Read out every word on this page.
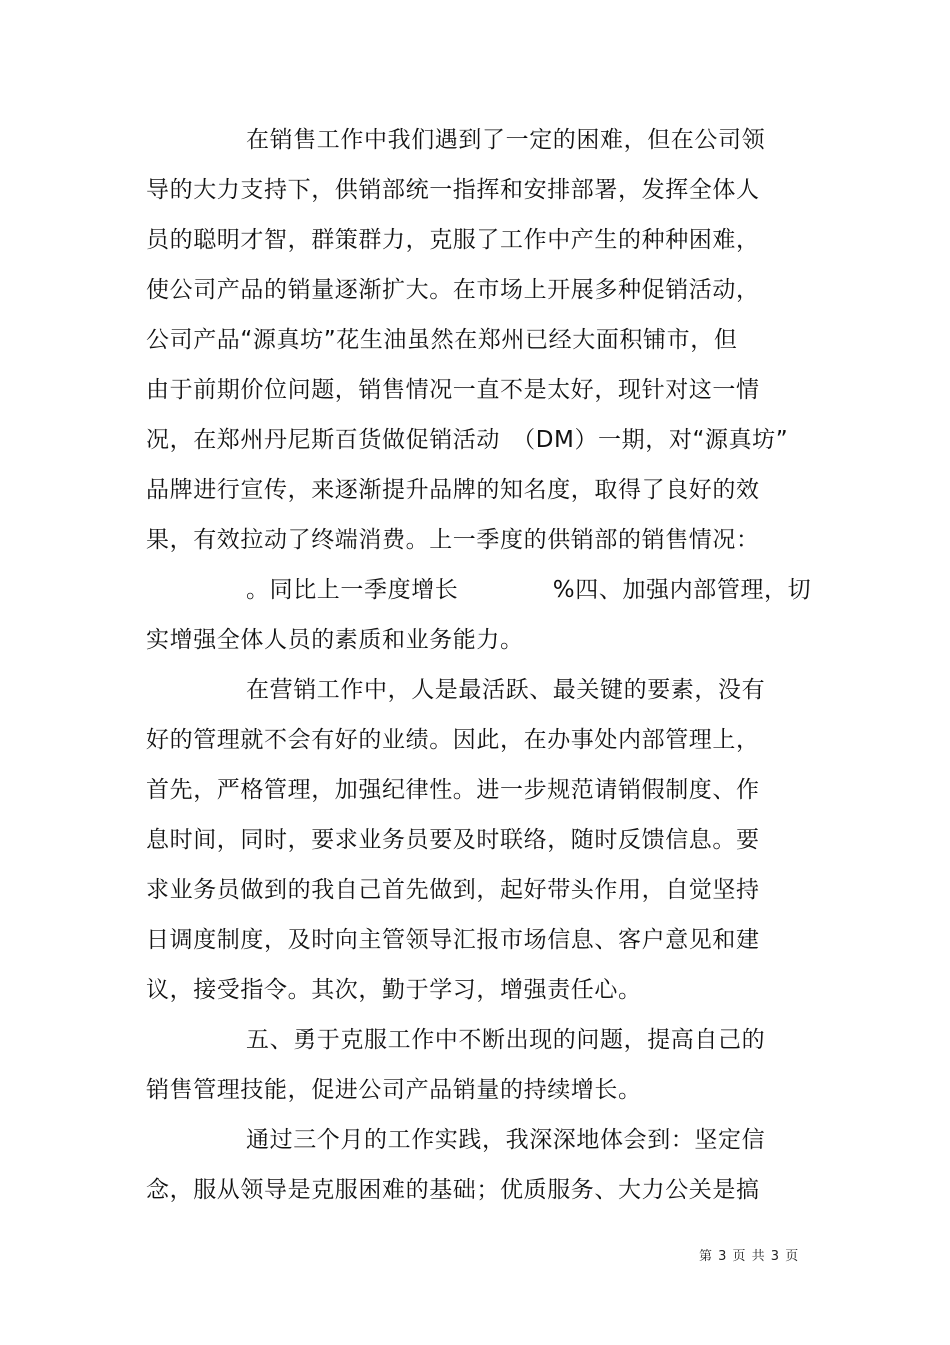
在销售工作中我们遇到了一定的困难，但在公司领
导的大力支持下，供销部统一指挥和安排部署，发挥全体人
员的聪明才智，群策群力，克服了工作中产生的种种困难，
使公司产品的销量逐渐扩大。在市场上开展多种促销活动，
公司产品“源真坊”花生油虽然在郑州已经大面积铺市，但
由于前期价位问题，销售情况一直不是太好，现针对这一情
况，在郑州丹尼斯百货做促销活动　（DM）一期，对“源真坊”
品牌进行宣传，来逐渐提升品牌的知名度，取得了良好的效
果，有效拉动了终端消费。上一季度的供销部的销售情况：
。同比上一季度增长　　　　%四、加强内部管理，切
实增强全体人员的素质和业务能力。
在营销工作中，人是最活跃、最关键的要素，没有
好的管理就不会有好的业绩。因此，在办事处内部管理上，
首先，严格管理，加强纪律性。进一步规范请销假制度、作
息时间，同时，要求业务员要及时联络，随时反馈信息。要
求业务员做到的我自己首先做到，起好带头作用，自觉坚持
日调度制度，及时向主管领导汇报市场信息、客户意见和建
议，接受指令。其次，勤于学习，增强责任心。
五、勇于克服工作中不断出现的问题，提高自己的
销售管理技能，促进公司产品销量的持续增长。
通过三个月的工作实践，我深深地体会到：坚定信
念，服从领导是克服困难的基础；优质服务、大力公关是搞
第 3 页 共 3 页
